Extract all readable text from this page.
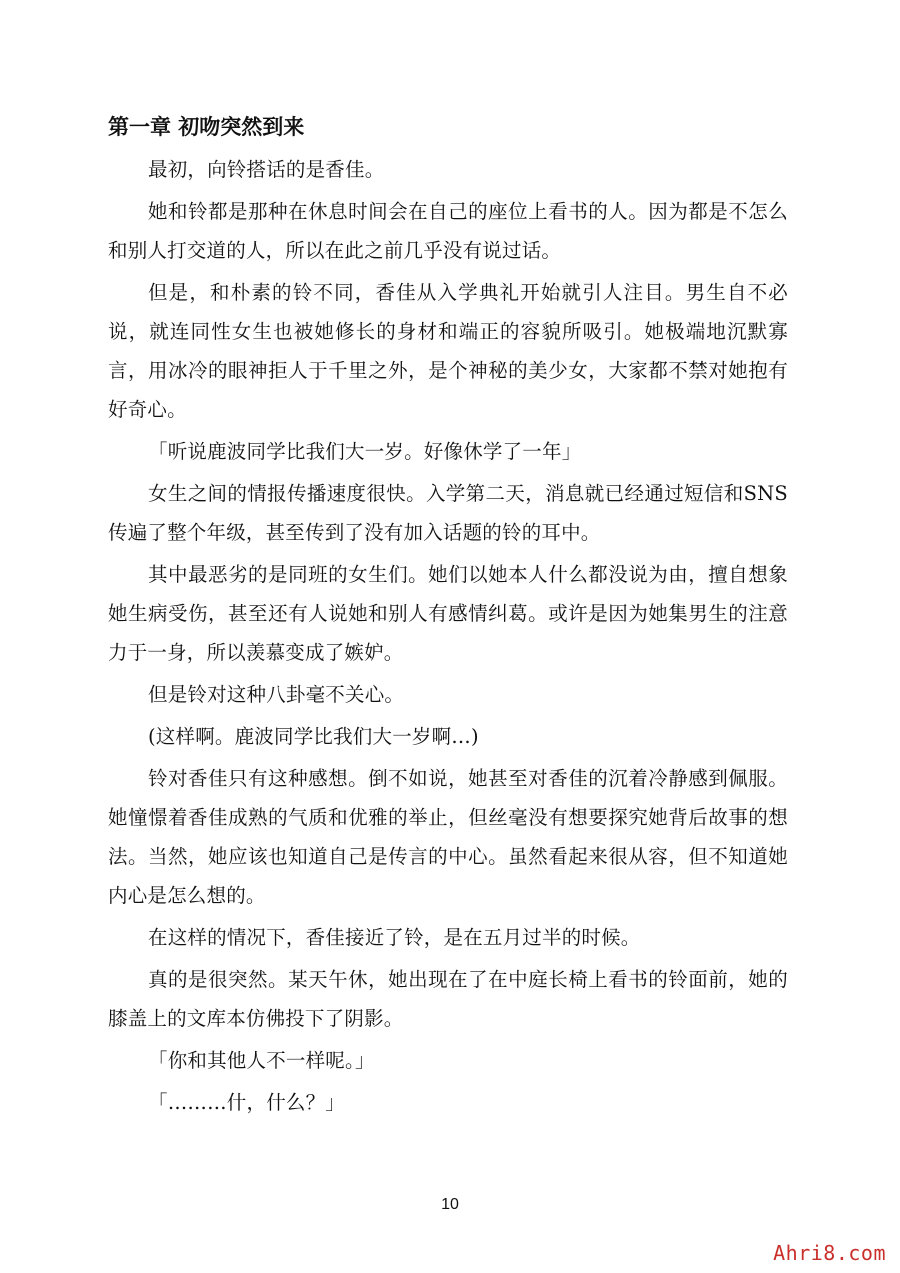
第一章 初吻突然到来

最初，向铃搭话的是香佳。

她和铃都是那种在休息时间会在自己的座位上看书的人。因为都是不怎么和别人打交道的人，所以在此之前几乎没有说过话。

但是，和朴素的铃不同，香佳从入学典礼开始就引人注目。男生自不必说，就连同性女生也被她修长的身材和端正的容貌所吸引。她极端地沉默寡言，用冰冷的眼神拒人于千里之外，是个神秘的美少女，大家都不禁对她抱有好奇心。

「听说鹿波同学比我们大一岁。好像休学了一年」

女生之间的情报传播速度很快。入学第二天，消息就已经通过短信和SNS传遍了整个年级，甚至传到了没有加入话题的铃的耳中。

其中最恶劣的是同班的女生们。她们以她本人什么都没说为由，擅自想象她生病受伤，甚至还有人说她和别人有感情纠葛。或许是因为她集男生的注意力于一身，所以羡慕变成了嫉妒。

但是铃对这种八卦毫不关心。

(这样啊。鹿波同学比我们大一岁啊…)

铃对香佳只有这种感想。倒不如说，她甚至对香佳的沉着冷静感到佩服。她憧憬着香佳成熟的气质和优雅的举止，但丝毫没有想要探究她背后故事的想法。当然，她应该也知道自己是传言的中心。虽然看起来很从容，但不知道她内心是怎么想的。

在这样的情况下，香佳接近了铃，是在五月过半的时候。

真的是很突然。某天午休，她出现在了在中庭长椅上看书的铃面前，她的膝盖上的文库本仿佛投下了阴影。

「你和其他人不一样呢。」

「………什，什么？」

10
Ahri8.com
